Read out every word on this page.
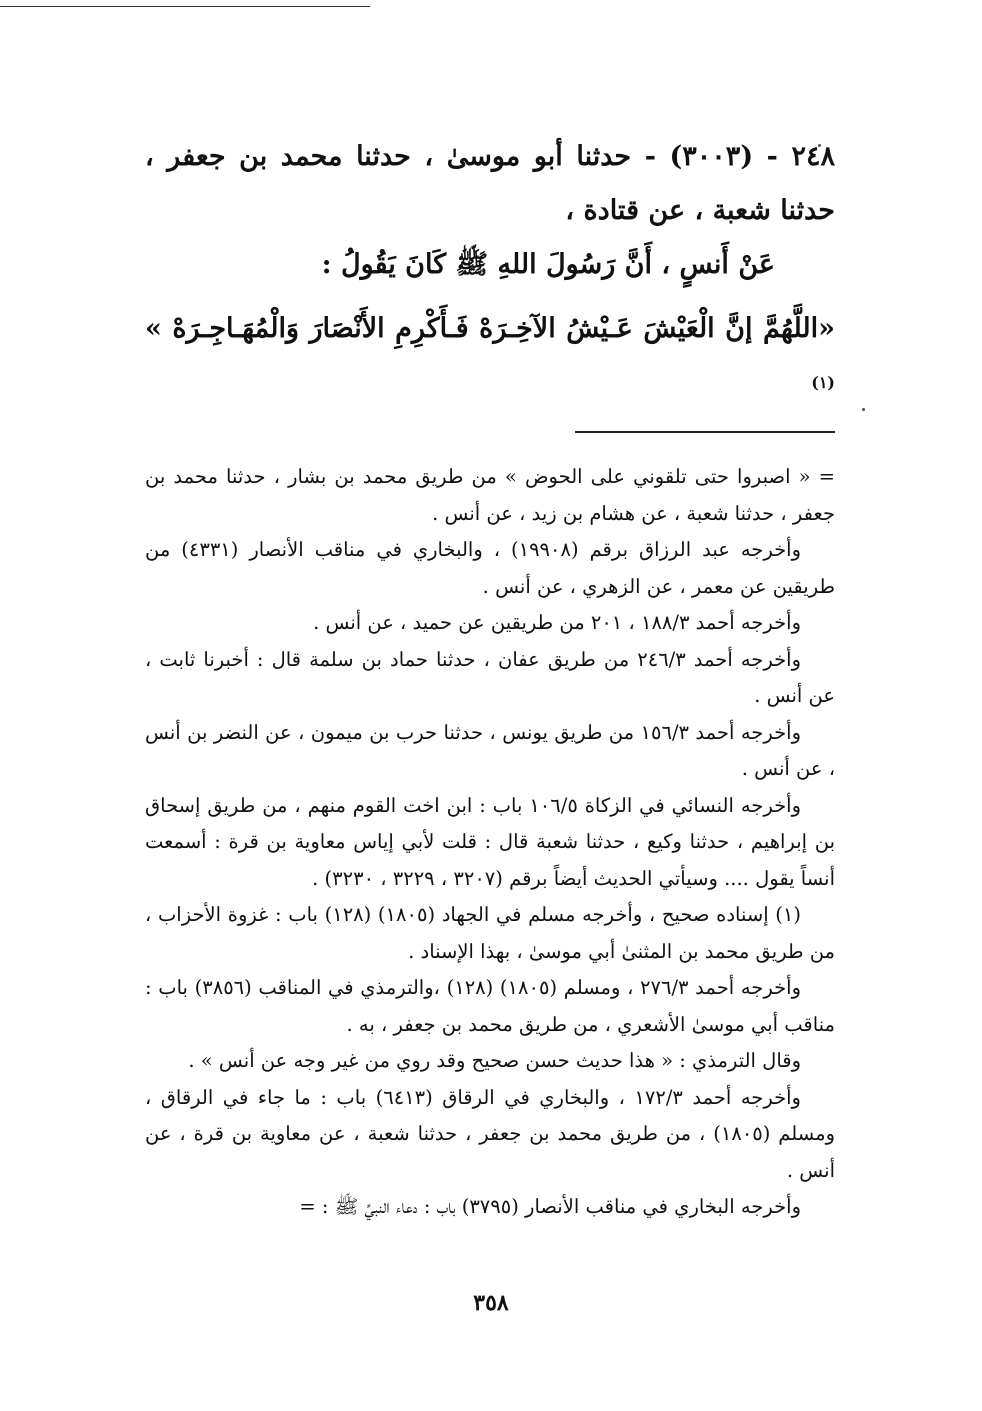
٢٤٨ - (٣٠٠٣) - حدثنا أبو موسىٰ ، حدثنا محمد بن جعفر ، حدثنا شعبة ، عن قتادة ،

عَنْ أَنسٍ ، أَنَّ رَسُولَ اللهِ ﷺ كَانَ يَقُولُ :

«اللَّهُمَّ إنَّ الْعَيْشَ عَـيْشُ الآخِـرَهْ فَـأَكْرِمِ الأَنْصَارَ وَالْمُهَـاجِـرَهْ » $^{(١)}$

= « اصبروا حتى تلقوني على الحوض » من طريق محمد بن بشار ، حدثنا محمد بن جعفر ، حدثنا شعبة ، عن هشام بن زيد ، عن أنس .

وأخرجه عبد الرزاق برقم (١٩٩٠٨) ، والبخاري في مناقب الأنصار (٤٣٣١) من طريقين عن معمر ، عن الزهري ، عن أنس .

وأخرجه أحمد ١٨٨/٣ ، ٢٠١ من طريقين عن حميد ، عن أنس .

وأخرجه أحمد ٢٤٦/٣ من طريق عفان ، حدثنا حماد بن سلمة قال : أخبرنا ثابت ، عن أنس .

وأخرجه أحمد ١٥٦/٣ من طريق يونس ، حدثنا حرب بن ميمون ، عن النضر بن أنس ، عن أنس .

وأخرجه النسائي في الزكاة ١٠٦/٥ باب : ابن اخت القوم منهم ، من طريق إسحاق بن إبراهيم ، حدثنا وكيع ، حدثنا شعبة قال : قلت لأبي إياس معاوية بن قرة : أسمعت أنساً يقول .... وسيأتي الحديث أيضاً برقم (٣٢٠٧ ، ٣٢٢٩ ، ٣٢٣٠) .

(١) إسناده صحيح ، وأخرجه مسلم في الجهاد (١٨٠٥) (١٢٨) باب : غزوة الأحزاب ، من طريق محمد بن المثنىٰ أبي موسىٰ ، بهذا الإسناد .

وأخرجه أحمد ٢٧٦/٣ ، ومسلم (١٨٠٥) (١٢٨) ،والترمذي في المناقب (٣٨٥٦) باب : مناقب أبي موسىٰ الأشعري ، من طريق محمد بن جعفر ، به .

وقال الترمذي : « هذا حديث حسن صحيح وقد روي من غير وجه عن أنس » .

وأخرجه أحمد ١٧٢/٣ ، والبخاري في الرقاق (٦٤١٣) باب : ما جاء في الرقاق ، ومسلم (١٨٠٥) ، من طريق محمد بن جعفر ، حدثنا شعبة ، عن معاوية بن قرة ، عن أنس .

وأخرجه البخاري في مناقب الأنصار (٣٧٩٥) باب : دعاء النبيِّ ﷺ : =

٣٥٨
